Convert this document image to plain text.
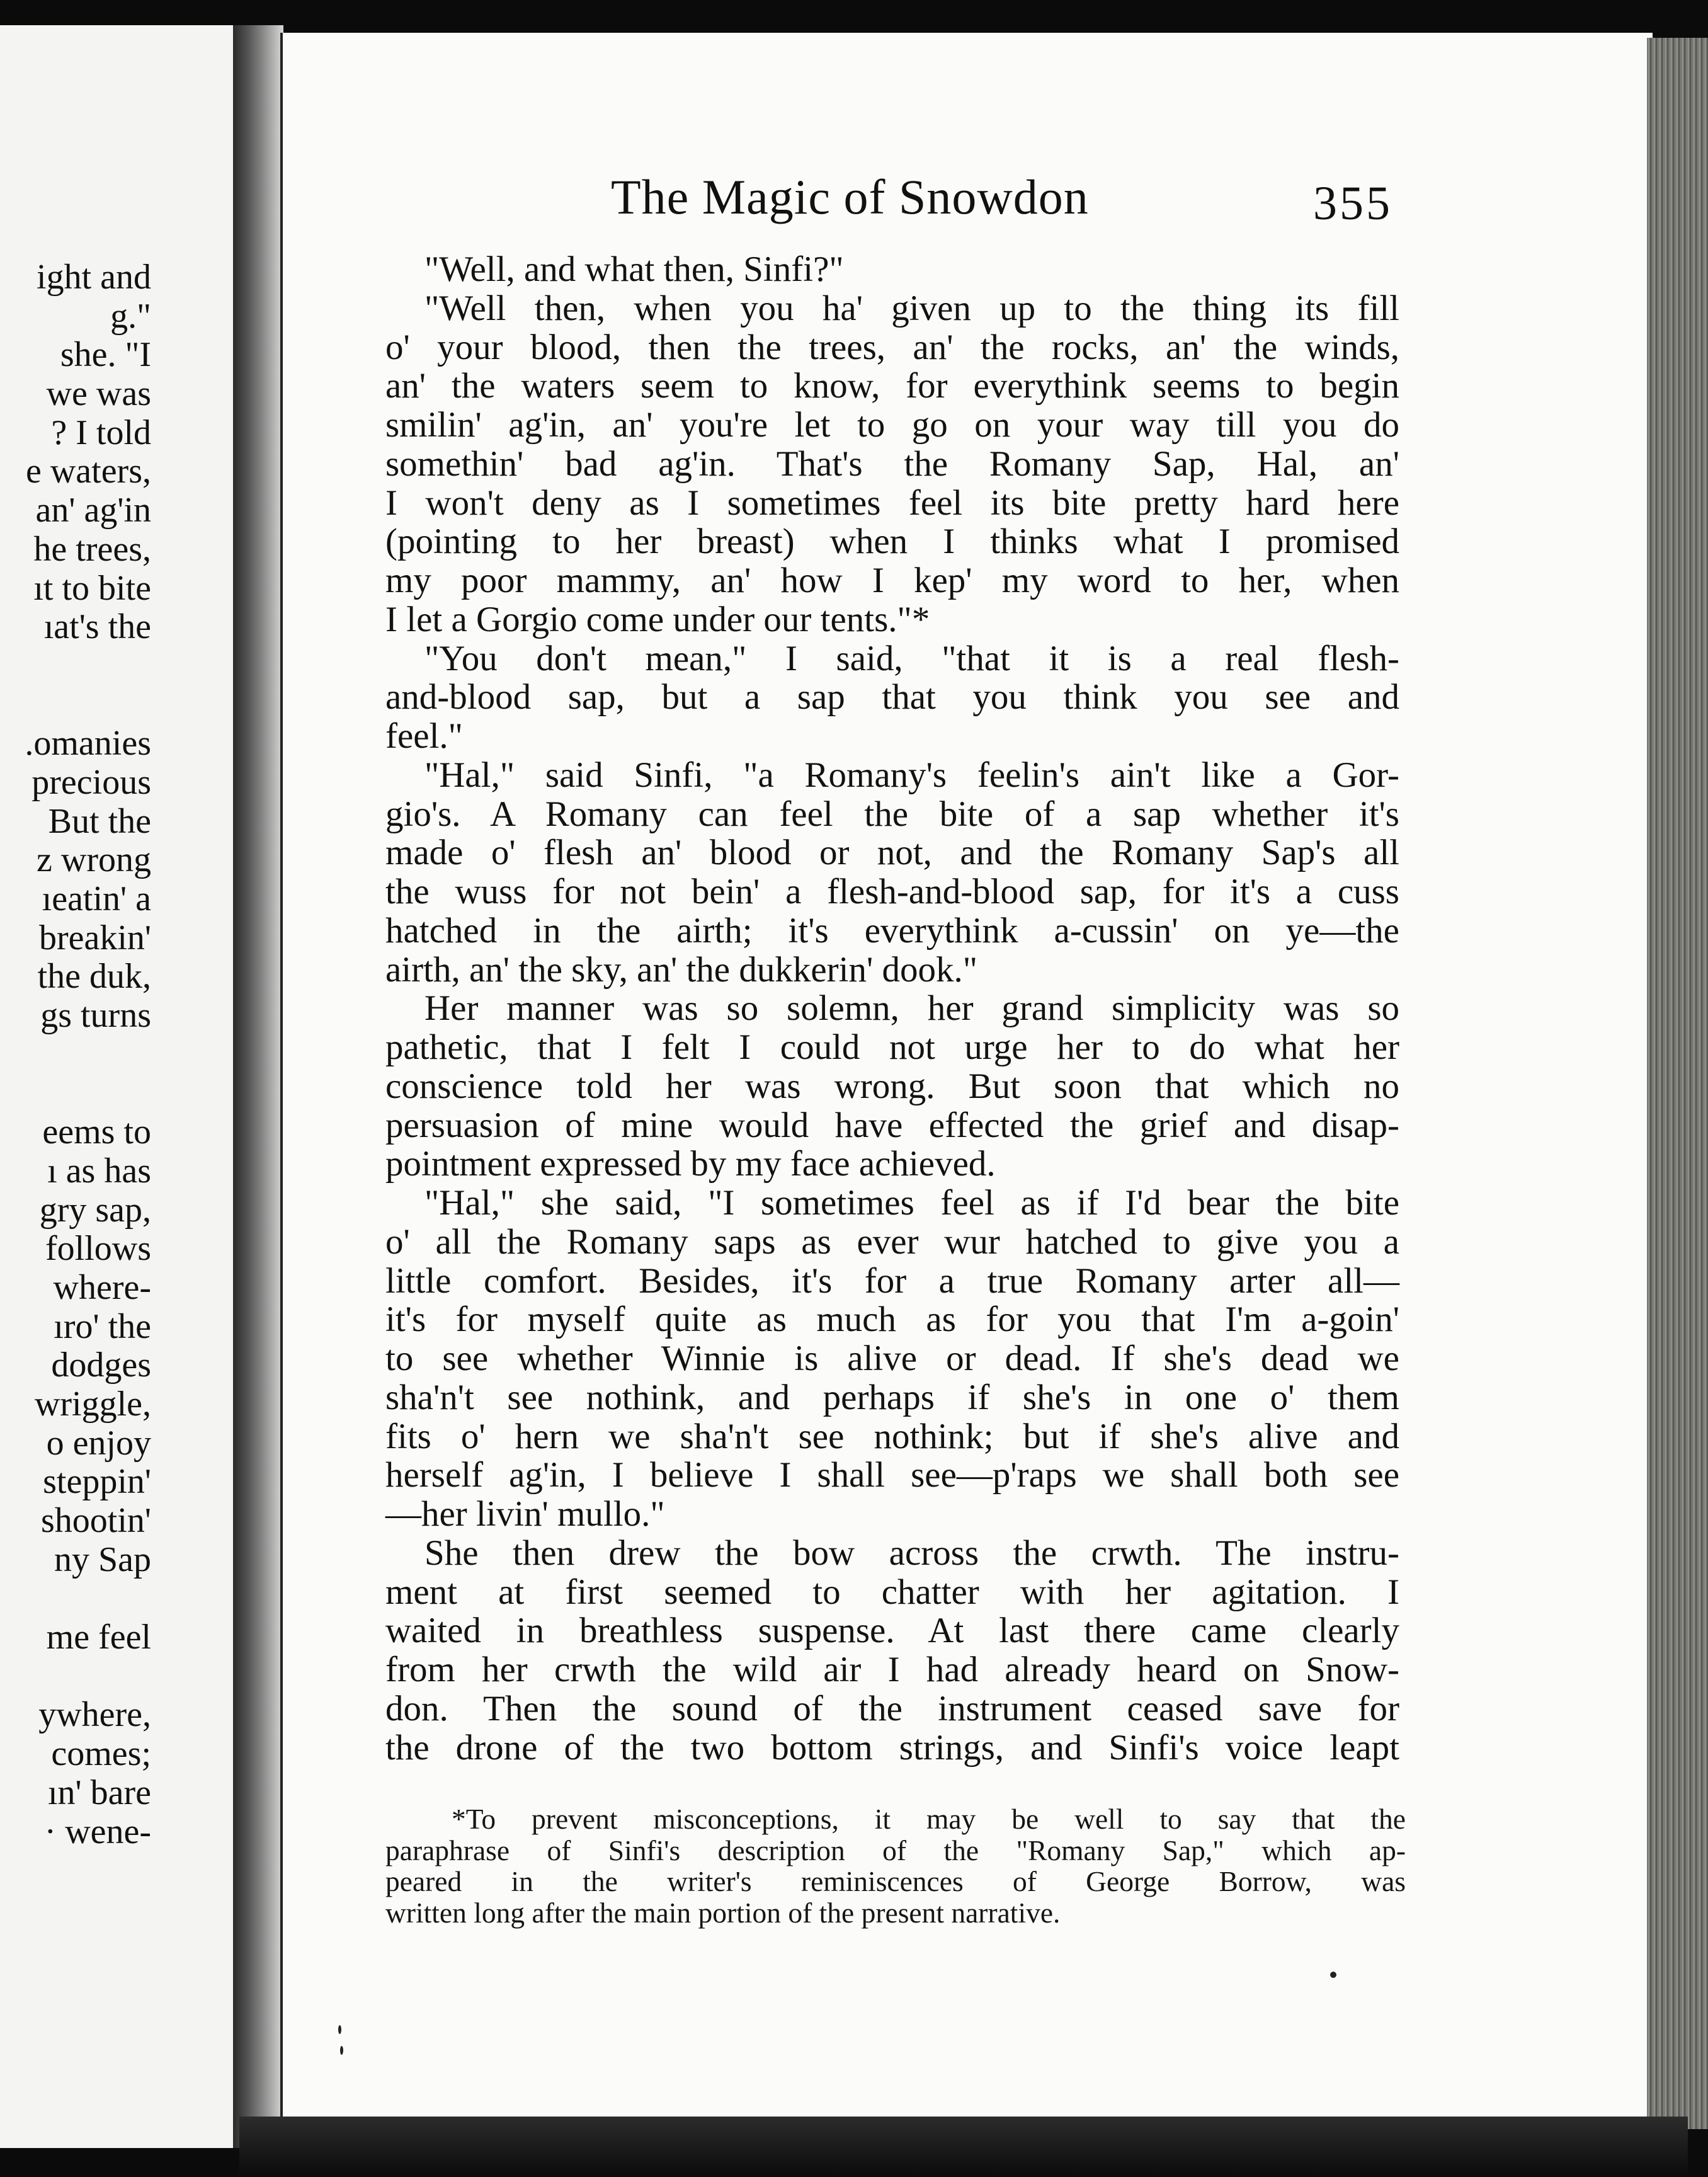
ight and
g."
she. "I
we was
? I told
e waters,
an' ag'in
he trees,
ıt to bite
ıat's the
.omanies
precious
But the
z wrong
ıeatin' a
breakin'
the duk,
gs turns
eems to
ı as has
gry sap,
follows
where-
ıro' the
dodges
wriggle,
o enjoy
steppin'
shootin'
ny Sap
me feel
ywhere,
comes;
ın' bare
· wene-
The Magic of Snowdon	355
"Well, and what then, Sinfi?"
"Well then, when you ha' given up to the thing its fill
o' your blood, then the trees, an' the rocks, an' the winds,
an' the waters seem to know, for everythink seems to begin
smilin' ag'in, an' you're let to go on your way till you do
somethin' bad ag'in. That's the Romany Sap, Hal, an'
I won't deny as I sometimes feel its bite pretty hard here
(pointing to her breast) when I thinks what I promised
my poor mammy, an' how I kep' my word to her, when
I let a Gorgio come under our tents."*
"You don't mean," I said, "that it is a real flesh-
and-blood sap, but a sap that you think you see and
feel."
"Hal," said Sinfi, "a Romany's feelin's ain't like a Gor-
gio's. A Romany can feel the bite of a sap whether it's
made o' flesh an' blood or not, and the Romany Sap's all
the wuss for not bein' a flesh-and-blood sap, for it's a cuss
hatched in the airth; it's everythink a-cussin' on ye—the
airth, an' the sky, an' the dukkerin' dook."
Her manner was so solemn, her grand simplicity was so
pathetic, that I felt I could not urge her to do what her
conscience told her was wrong. But soon that which no
persuasion of mine would have effected the grief and disap-
pointment expressed by my face achieved.
"Hal," she said, "I sometimes feel as if I'd bear the bite
o' all the Romany saps as ever wur hatched to give you a
little comfort. Besides, it's for a true Romany arter all—
it's for myself quite as much as for you that I'm a-goin'
to see whether Winnie is alive or dead. If she's dead we
sha'n't see nothink, and perhaps if she's in one o' them
fits o' hern we sha'n't see nothink; but if she's alive and
herself ag'in, I believe I shall see—p'raps we shall both see
—her livin' mullo."
She then drew the bow across the crwth. The instru-
ment at first seemed to chatter with her agitation. I
waited in breathless suspense. At last there came clearly
from her crwth the wild air I had already heard on Snow-
don. Then the sound of the instrument ceased save for
the drone of the two bottom strings, and Sinfi's voice leapt
*To prevent misconceptions, it may be well to say that the
paraphrase of Sinfi's description of the "Romany Sap," which ap-
peared in the writer's reminiscences of George Borrow, was
written long after the main portion of the present narrative.
